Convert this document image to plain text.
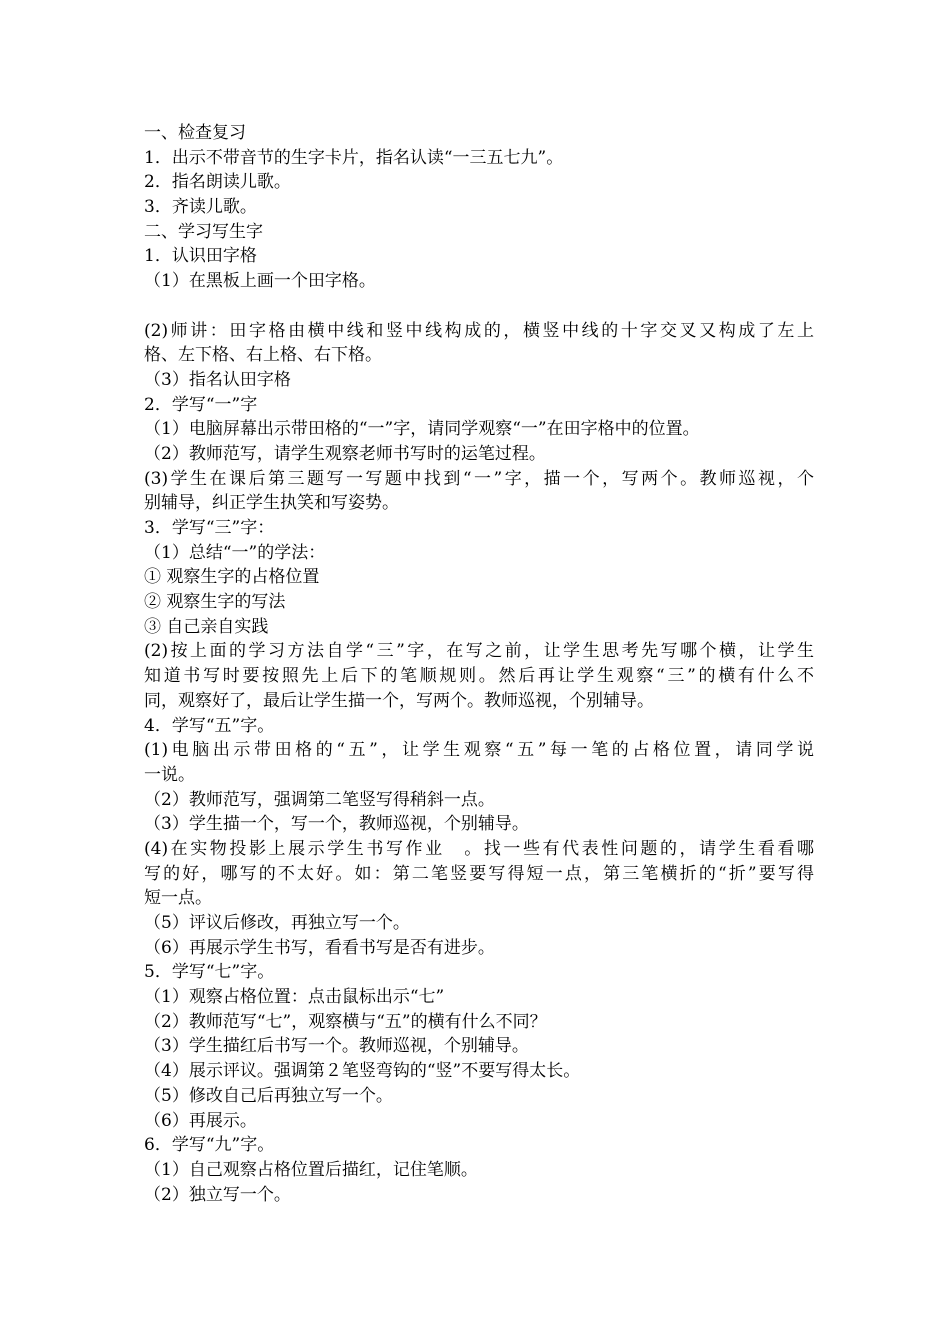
一、检查复习
1．出示不带音节的生字卡片，指名认读“一三五七九”。
2．指名朗读儿歌。
3．齐读儿歌。
二、学习写生字
1．认识田字格
（1）在黑板上画一个田字格。
(2)师讲：田字格由横中线和竖中线构成的，横竖中线的十字交叉又构成了左上
格、左下格、右上格、右下格。
（3）指名认田字格
2．学写“一”字
（1）电脑屏幕出示带田格的“一”字，请同学观察“一”在田字格中的位置。
（2）教师范写，请学生观察老师书写时的运笔过程。
(3)学生在课后第三题写一写题中找到“一”字，描一个，写两个。教师巡视，个
别辅导，纠正学生执笑和写姿势。
3．学写“三”字：
（1）总结“一”的学法：
① 观察生字的占格位置
② 观察生字的写法
③ 自己亲自实践
(2)按上面的学习方法自学“三”字，在写之前，让学生思考先写哪个横，让学生
知道书写时要按照先上后下的笔顺规则。然后再让学生观察“三”的横有什么不
同，观察好了，最后让学生描一个，写两个。教师巡视，个别辅导。
4．学写“五”字。
(1)电脑出示带田格的“五”，让学生观察“五”每一笔的占格位置，请同学说
一说。
（2）教师范写，强调第二笔竖写得稍斜一点。
（3）学生描一个，写一个，教师巡视，个别辅导。
(4)在实物投影上展示学生书写作业　。找一些有代表性问题的，请学生看看哪
写的好，哪写的不太好。如：第二笔竖要写得短一点，第三笔横折的“折”要写得
短一点。
（5）评议后修改，再独立写一个。
（6）再展示学生书写，看看书写是否有进步。
5．学写“七”字。
（1）观察占格位置：点击鼠标出示“七”
（2）教师范写“七”，观察横与“五”的横有什么不同？
（3）学生描红后书写一个。教师巡视，个别辅导。
（4）展示评议。强调第２笔竖弯钩的“竖”不要写得太长。
（5）修改自己后再独立写一个。
（6）再展示。
6．学写“九”字。
（1）自己观察占格位置后描红，记住笔顺。
（2）独立写一个。
